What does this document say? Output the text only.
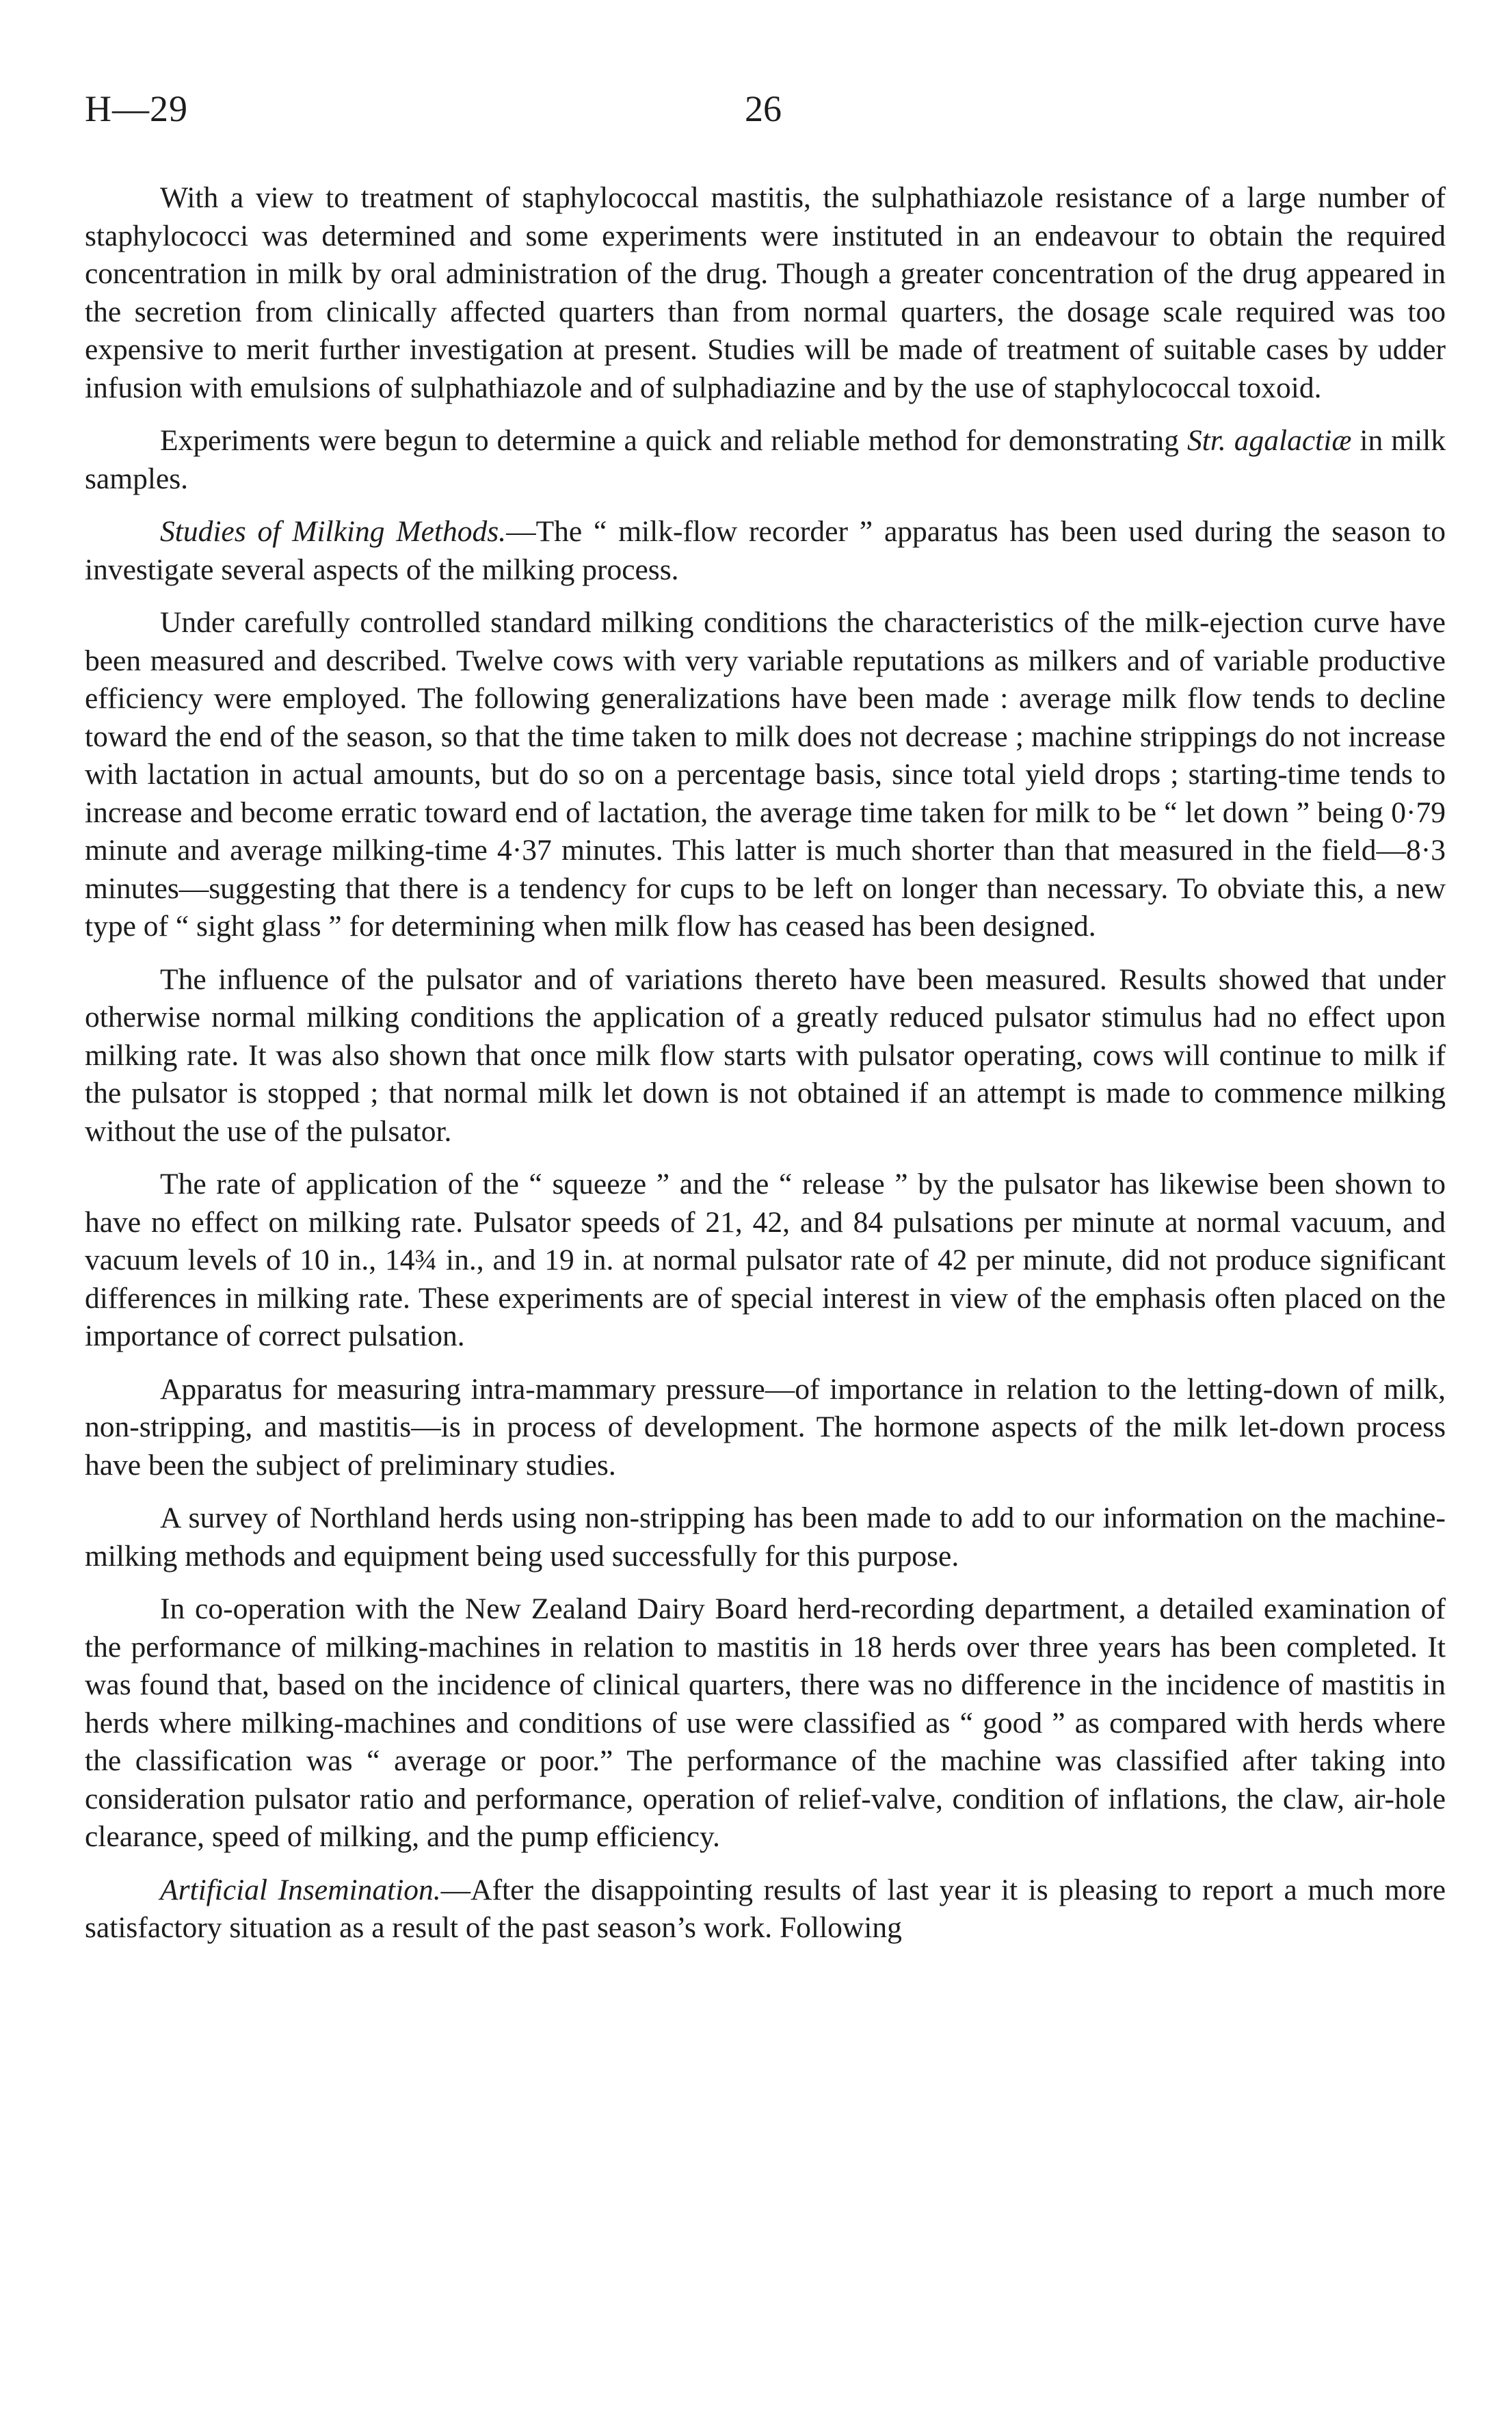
H—29	26

With a view to treatment of staphylococcal mastitis, the sulphathiazole resistance of a large number of staphylococci was determined and some experiments were instituted in an endeavour to obtain the required concentration in milk by oral administration of the drug. Though a greater concentration of the drug appeared in the secretion from clinically affected quarters than from normal quarters, the dosage scale required was too expensive to merit further investigation at present. Studies will be made of treatment of suitable cases by udder infusion with emulsions of sulphathiazole and of sulphadiazine and by the use of staphylococcal toxoid.

Experiments were begun to determine a quick and reliable method for demonstrating Str. agalactiæ in milk samples.

Studies of Milking Methods.—The “ milk-flow recorder ” apparatus has been used during the season to investigate several aspects of the milking process.

Under carefully controlled standard milking conditions the characteristics of the milk-ejection curve have been measured and described. Twelve cows with very variable reputations as milkers and of variable productive efficiency were employed. The following generalizations have been made : average milk flow tends to decline toward the end of the season, so that the time taken to milk does not decrease ; machine strippings do not increase with lactation in actual amounts, but do so on a percentage basis, since total yield drops ; starting-time tends to increase and become erratic toward end of lactation, the average time taken for milk to be “ let down ” being 0·79 minute and average milking-time 4·37 minutes. This latter is much shorter than that measured in the field—8·3 minutes—suggesting that there is a tendency for cups to be left on longer than necessary. To obviate this, a new type of “ sight glass ” for determining when milk flow has ceased has been designed.

The influence of the pulsator and of variations thereto have been measured. Results showed that under otherwise normal milking conditions the application of a greatly reduced pulsator stimulus had no effect upon milking rate. It was also shown that once milk flow starts with pulsator operating, cows will continue to milk if the pulsator is stopped ; that normal milk let down is not obtained if an attempt is made to commence milking without the use of the pulsator.

The rate of application of the “ squeeze ” and the “ release ” by the pulsator has likewise been shown to have no effect on milking rate. Pulsator speeds of 21, 42, and 84 pulsations per minute at normal vacuum, and vacuum levels of 10 in., 14¾ in., and 19 in. at normal pulsator rate of 42 per minute, did not produce significant differences in milking rate. These experiments are of special interest in view of the emphasis often placed on the importance of correct pulsation.

Apparatus for measuring intra-mammary pressure—of importance in relation to the letting-down of milk, non-stripping, and mastitis—is in process of development. The hormone aspects of the milk let-down process have been the subject of preliminary studies.

A survey of Northland herds using non-stripping has been made to add to our information on the machine-milking methods and equipment being used successfully for this purpose.

In co-operation with the New Zealand Dairy Board herd-recording department, a detailed examination of the performance of milking-machines in relation to mastitis in 18 herds over three years has been completed. It was found that, based on the incidence of clinical quarters, there was no difference in the incidence of mastitis in herds where milking-machines and conditions of use were classified as “ good ” as compared with herds where the classification was “ average or poor.” The performance of the machine was classified after taking into consideration pulsator ratio and performance, operation of relief-valve, condition of inflations, the claw, air-hole clearance, speed of milking, and the pump efficiency.

Artificial Insemination.—After the disappointing results of last year it is pleasing to report a much more satisfactory situation as a result of the past season’s work. Following
